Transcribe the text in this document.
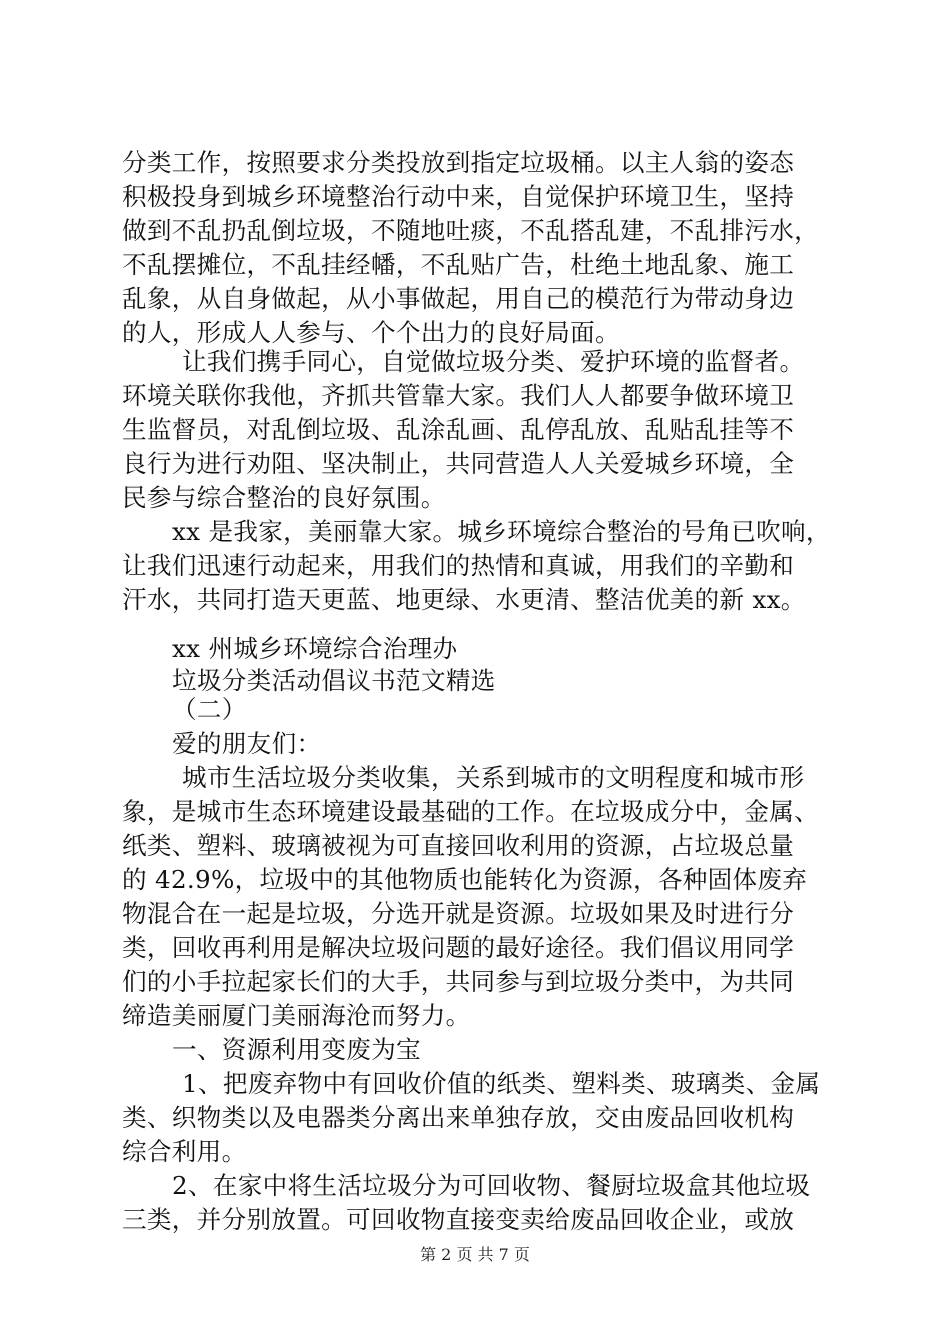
分类工作，按照要求分类投放到指定垃圾桶。以主人翁的姿态
积极投身到城乡环境整治行动中来，自觉保护环境卫生，坚持
做到不乱扔乱倒垃圾，不随地吐痰，不乱搭乱建，不乱排污水，
不乱摆摊位，不乱挂经幡，不乱贴广告，杜绝土地乱象、施工
乱象，从自身做起，从小事做起，用自己的模范行为带动身边
的人，形成人人参与、个个出力的良好局面。
让我们携手同心，自觉做垃圾分类、爱护环境的监督者。
环境关联你我他，齐抓共管靠大家。我们人人都要争做环境卫
生监督员，对乱倒垃圾、乱涂乱画、乱停乱放、乱贴乱挂等不
良行为进行劝阻、坚决制止，共同营造人人关爱城乡环境，全
民参与综合整治的良好氛围。
xx 是我家，美丽靠大家。城乡环境综合整治的号角已吹响，
让我们迅速行动起来，用我们的热情和真诚，用我们的辛勤和
汗水，共同打造天更蓝、地更绿、水更清、整洁优美的新 xx。
xx 州城乡环境综合治理办
垃圾分类活动倡议书范文精选
（二）
爱的朋友们：
城市生活垃圾分类收集，关系到城市的文明程度和城市形
象，是城市生态环境建设最基础的工作。在垃圾成分中，金属、
纸类、塑料、玻璃被视为可直接回收利用的资源，占垃圾总量
的 42.9%，垃圾中的其他物质也能转化为资源，各种固体废弃
物混合在一起是垃圾，分选开就是资源。垃圾如果及时进行分
类，回收再利用是解决垃圾问题的最好途径。我们倡议用同学
们的小手拉起家长们的大手，共同参与到垃圾分类中，为共同
缔造美丽厦门美丽海沧而努力。
一、资源利用变废为宝
1、把废弃物中有回收价值的纸类、塑料类、玻璃类、金属
类、织物类以及电器类分离出来单独存放，交由废品回收机构
综合利用。
2、在家中将生活垃圾分为可回收物、餐厨垃圾盒其他垃圾
三类，并分别放置。可回收物直接变卖给废品回收企业，或放
第 2 页 共 7 页
